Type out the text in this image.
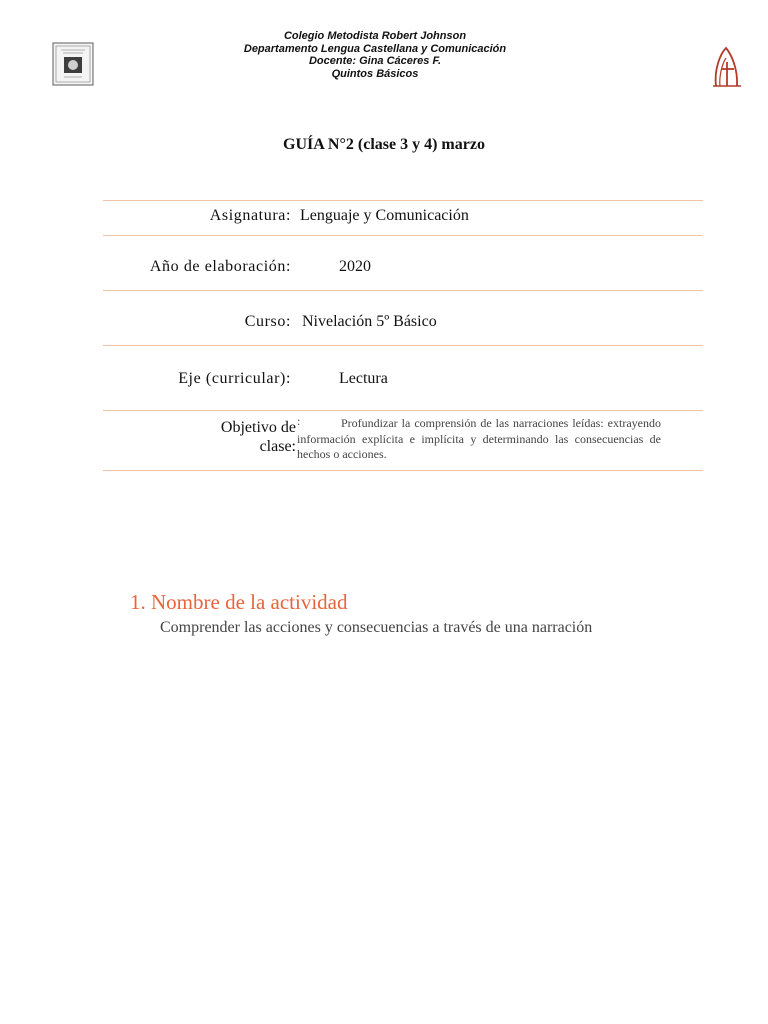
Colegio Metodista Robert Johnson
Departamento Lengua Castellana y Comunicación
Docente: Gina Cáceres F.
Quintos Básicos
GUÍA N°2 (clase 3 y 4) marzo
Asignatura: Lenguaje y Comunicación
Año de elaboración:	2020
Curso: Nivelación 5º Básico
Eje (curricular):	Lectura
Objetivo de
clase:
:	Profundizar la comprensión de las narraciones leídas: extrayendo información explícita e implícita y determinando las consecuencias de hechos o acciones.
1. Nombre de la actividad
Comprender las acciones y consecuencias a través de una narración
